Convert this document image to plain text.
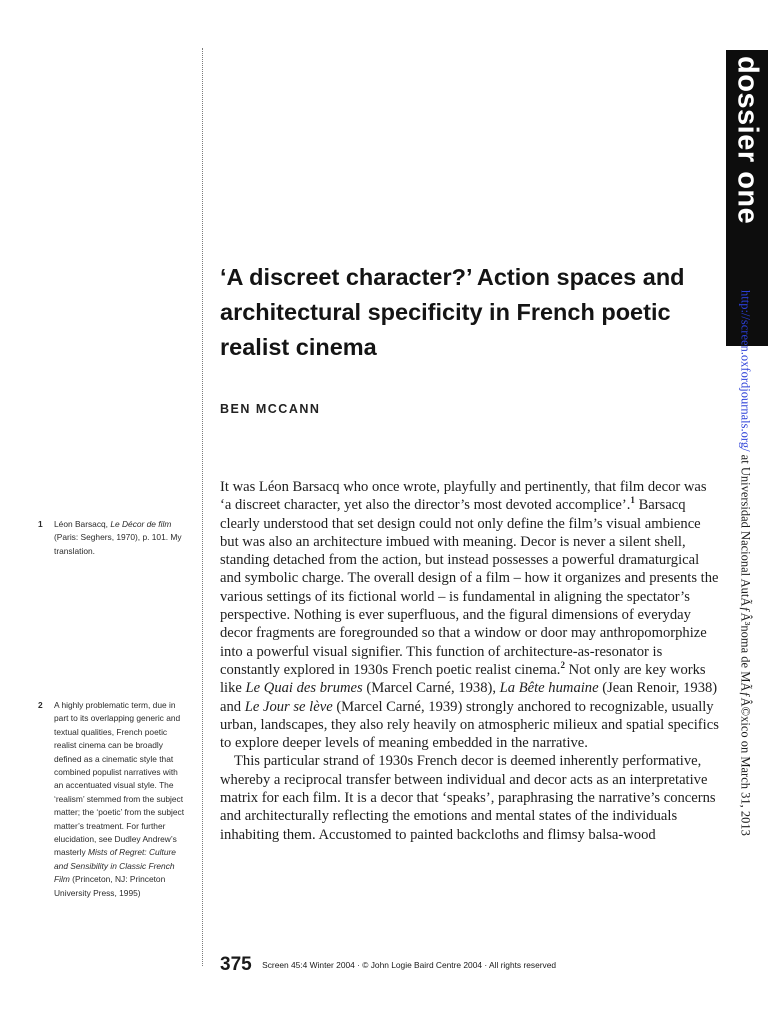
dossier one
http://screen.oxfordjournals.org/ at Universidad Nacional AutÃƒÂ³noma de MÃƒÂ©xico on March 31, 2013
‘A discreet character?’ Action spaces and architectural specificity in French poetic realist cinema
BEN MCCANN

It was Léon Barsacq who once wrote, playfully and pertinently, that film decor was ‘a discreet character, yet also the director’s most devoted accomplice’.$^1$ Barsacq clearly understood that set design could not only define the film’s visual ambience but was also an architecture imbued with meaning. Decor is never a silent shell, standing detached from the action, but instead possesses a powerful dramaturgical and symbolic charge. The overall design of a film – how it organizes and presents the various settings of its fictional world – is fundamental in aligning the spectator’s perspective. Nothing is ever superfluous, and the figural dimensions of everyday decor fragments are foregrounded so that a window or door may anthropomorphize into a powerful visual signifier. This function of architecture-as-resonator is constantly explored in 1930s French poetic realist cinema.$^2$ Not only are key works like Le Quai des brumes (Marcel Carné, 1938), La Bête humaine (Jean Renoir, 1938) and Le Jour se lève (Marcel Carné, 1939) strongly anchored to recognizable, usually urban, landscapes, they also rely heavily on atmospheric milieux and spatial specifics to explore deeper levels of meaning embedded in the narrative.

This particular strand of 1930s French decor is deemed inherently performative, whereby a reciprocal transfer between individual and decor acts as an interpretative matrix for each film. It is a decor that ‘speaks’, paraphrasing the narrative’s concerns and architecturally reflecting the emotions and mental states of the individuals inhabiting them. Accustomed to painted backcloths and flimsy balsa-wood

1 Léon Barsacq, Le Décor de film (Paris: Seghers, 1970), p. 101. My translation.
2 A highly problematic term, due in part to its overlapping generic and textual qualities, French poetic realist cinema can be broadly defined as a cinematic style that combined populist narratives with an accentuated visual style. The ‘realism’ stemmed from the subject matter; the ‘poetic’ from the subject matter’s treatment. For further elucidation, see Dudley Andrew’s masterly Mists of Regret: Culture and Sensibility in Classic French Film (Princeton, NJ: Princeton University Press, 1995)
375 Screen 45:4 Winter 2004 · © John Logie Baird Centre 2004 · All rights reserved
